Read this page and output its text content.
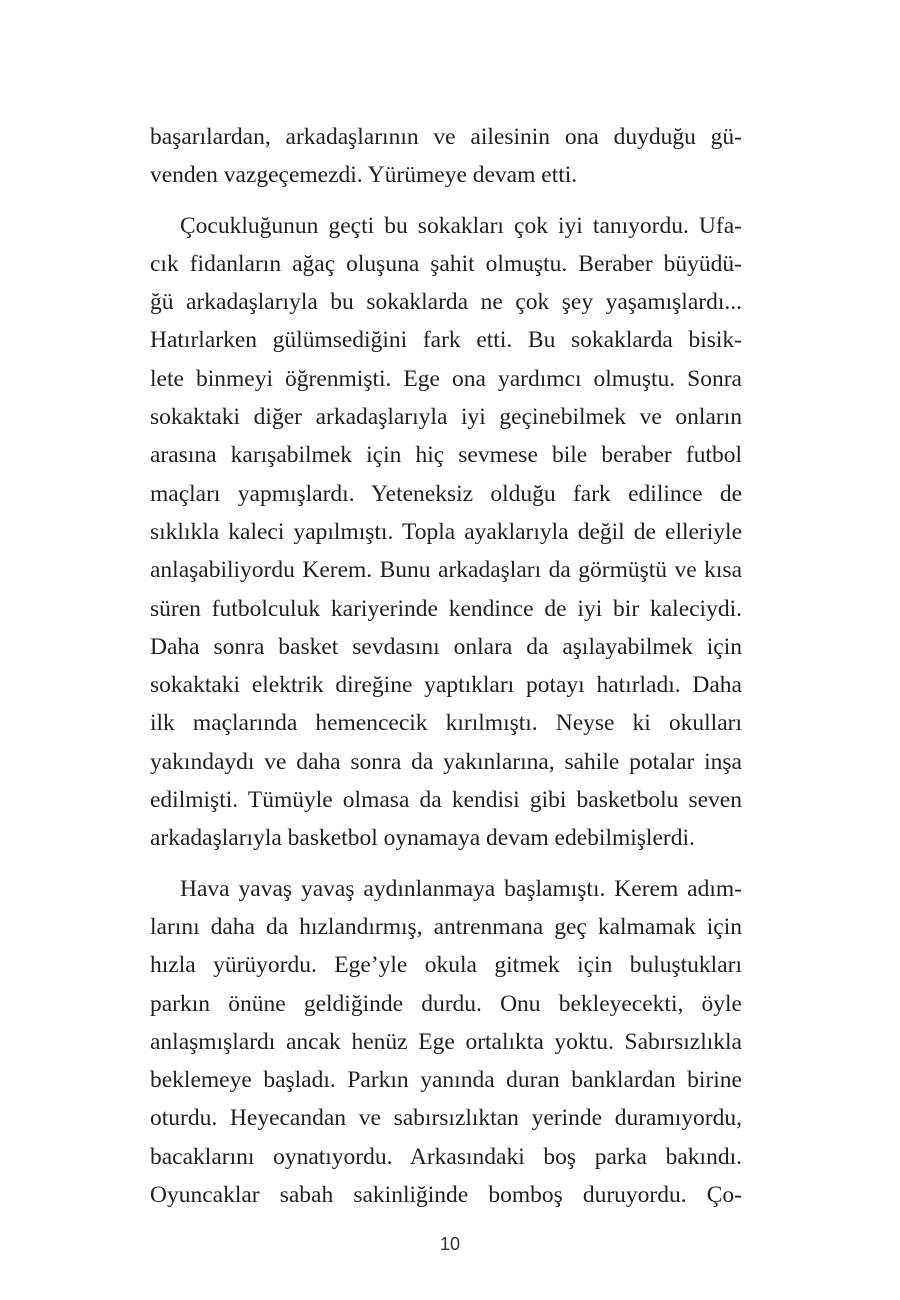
başarılardan, arkadaşlarının ve ailesinin ona duyduğu gü-
venden vazgeçemezdi. Yürümeye devam etti.
Çocukluğunun geçti bu sokakları çok iyi tanıyordu. Ufa-
cık fidanların ağaç oluşuna şahit olmuştu. Beraber büyüdü-
ğü arkadaşlarıyla bu sokaklarda ne çok şey yaşamışlardı...
Hatırlarken gülümsediğini fark etti. Bu sokaklarda bisik-
lete binmeyi öğrenmişti. Ege ona yardımcı olmuştu. Sonra
sokaktaki diğer arkadaşlarıyla iyi geçinebilmek ve onların
arasına karışabilmek için hiç sevmese bile beraber futbol
maçları yapmışlardı. Yeteneksiz olduğu fark edilince de
sıklıkla kaleci yapılmıştı. Topla ayaklarıyla değil de elleriyle
anlaşabiliyordu Kerem. Bunu arkadaşları da görmüştü ve kısa
süren futbolculuk kariyerinde kendince de iyi bir kaleciydi.
Daha sonra basket sevdasını onlara da aşılayabilmek için
sokaktaki elektrik direğine yaptıkları potayı hatırladı. Daha
ilk maçlarında hemencecik kırılmıştı. Neyse ki okulları
yakındaydı ve daha sonra da yakınlarına, sahile potalar inşa
edilmişti. Tümüyle olmasa da kendisi gibi basketbolu seven
arkadaşlarıyla basketbol oynamaya devam edebilmişlerdi.
Hava yavaş yavaş aydınlanmaya başlamıştı. Kerem adım-
larını daha da hızlandırmış, antrenmana geç kalmamak için
hızla yürüyordu. Ege’yle okula gitmek için buluştukları
parkın önüne geldiğinde durdu. Onu bekleyecekti, öyle
anlaşmışlardı ancak henüz Ege ortalıkta yoktu. Sabırsızlıkla
beklemeye başladı. Parkın yanında duran banklardan birine
oturdu. Heyecandan ve sabırsızlıktan yerinde duramıyordu,
bacaklarını oynatıyordu. Arkasındaki boş parka bakındı.
Oyuncaklar sabah sakinliğinde bomboş duruyordu. Ço-
10
